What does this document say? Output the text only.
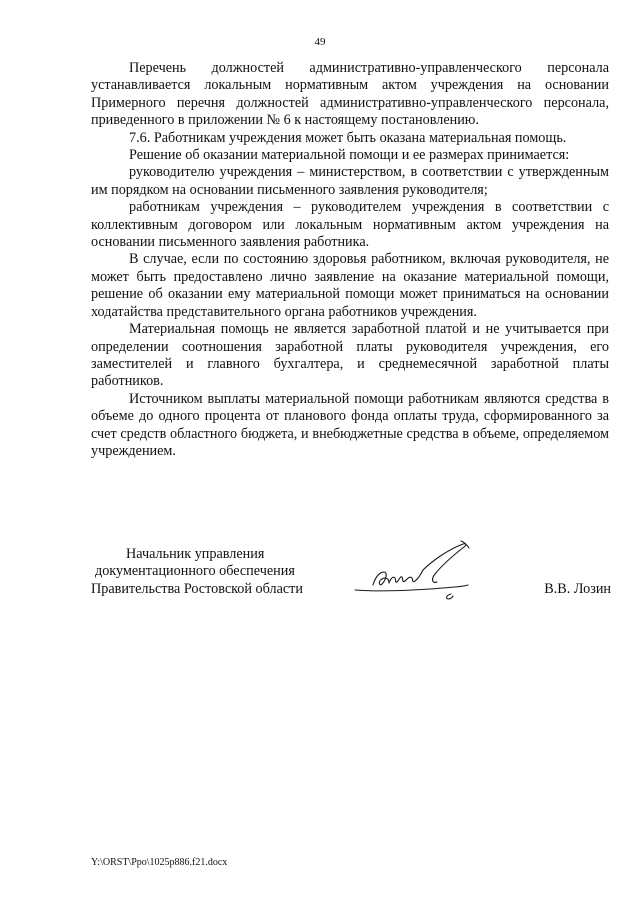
49

Перечень должностей административно-управленческого персонала устанавливается локальным нормативным актом учреждения на основании Примерного перечня должностей административно-управленческого персонала, приведенного в приложении № 6 к настоящему постановлению.

7.6. Работникам учреждения может быть оказана материальная помощь.

Решение об оказании материальной помощи и ее размерах принимается:

руководителю учреждения – министерством, в соответствии с утвержденным им порядком на основании письменного заявления руководителя;

работникам учреждения – руководителем учреждения в соответствии с коллективным договором или локальным нормативным актом учреждения на основании письменного заявления работника.

В случае, если по состоянию здоровья работником, включая руководителя, не может быть предоставлено лично заявление на оказание материальной помощи, решение об оказании ему материальной помощи может приниматься на основании ходатайства представительного органа работников учреждения.

Материальная помощь не является заработной платой и не учитывается при определении соотношения заработной платы руководителя учреждения, его заместителей и главного бухгалтера, и среднемесячной заработной платы работников.

Источником выплаты материальной помощи работникам являются средства в объеме до одного процента от планового фонда оплаты труда, сформированного за счет средств областного бюджета, и внебюджетные средства в объеме, определяемом учреждением.

Начальник управления
документационного обеспечения
Правительства Ростовской области	В.В. Лозин
Y:\ORST\Ppo\1025p886.f21.docx
